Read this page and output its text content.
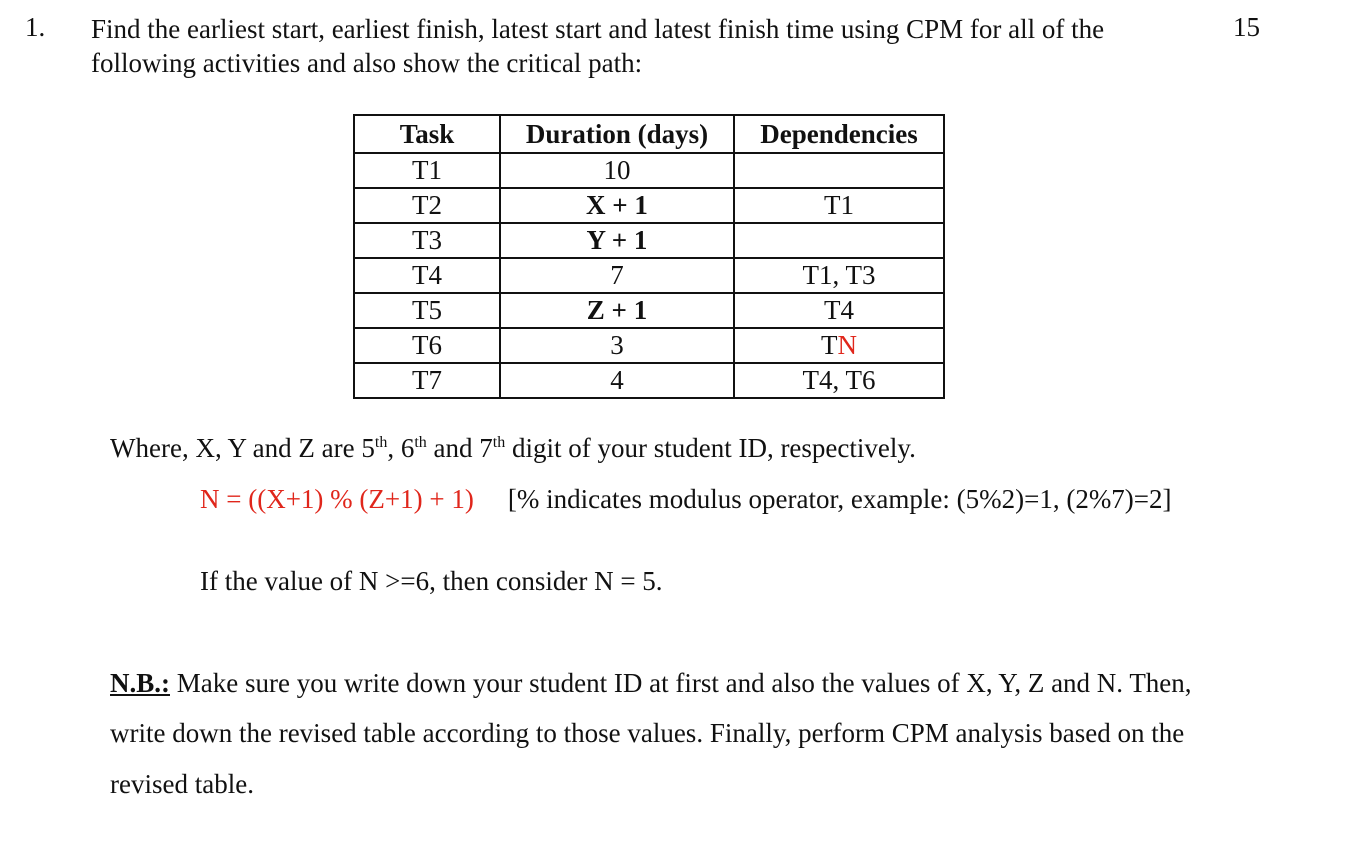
1. Find the earliest start, earliest finish, latest start and latest finish time using CPM for all of the
following activities and also show the critical path:
15
Task	Duration (days)	Dependencies
T1	10	
T2	X + 1	T1
T3	Y + 1	
T4	7	T1, T3
T5	Z + 1	T4
T6	3	TN
T7	4	T4, T6
Where, X, Y and Z are 5th, 6th and 7th digit of your student ID, respectively.
N = ((X+1) % (Z+1) + 1) [% indicates modulus operator, example: (5%2)=1, (2%7)=2]
If the value of N >=6, then consider N = 5.
N.B.: Make sure you write down your student ID at first and also the values of X, Y, Z and N. Then,
write down the revised table according to those values. Finally, perform CPM analysis based on the
revised table.
